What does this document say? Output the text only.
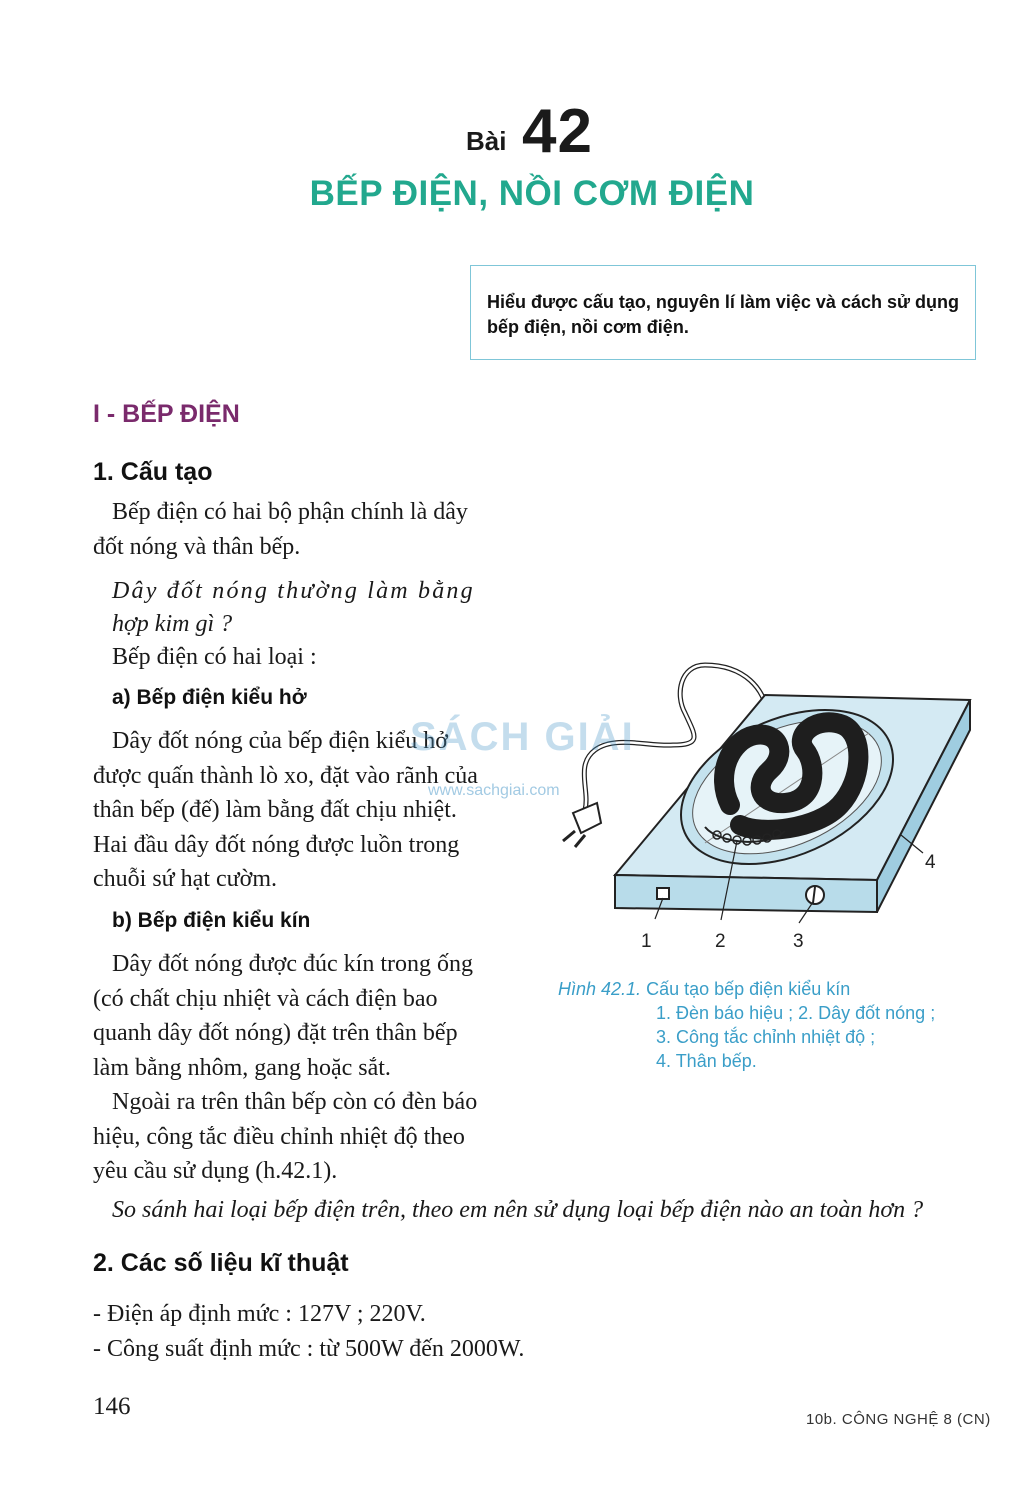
Bài 42
BẾP ĐIỆN, NỒI CƠM ĐIỆN
Hiểu được cấu tạo, nguyên lí làm việc và cách sử dụng bếp điện, nồi cơm điện.
I - BẾP ĐIỆN
1. Cấu tạo
Bếp điện có hai bộ phận chính là dây
đốt nóng và thân bếp.
Dây đốt nóng thường làm bằng
hợp kim gì ?
Bếp điện có hai loại :
a) Bếp điện kiểu hở
Dây đốt nóng của bếp điện kiểu hở
được quấn thành lò xo, đặt vào rãnh của
thân bếp (đế) làm bằng đất chịu nhiệt.
Hai đầu dây đốt nóng được luồn trong
chuỗi sứ hạt cườm.
b) Bếp điện kiểu kín
Dây đốt nóng được đúc kín trong ống
(có chất chịu nhiệt và cách điện bao
quanh dây đốt nóng) đặt trên thân bếp
làm bằng nhôm, gang hoặc sắt.
Ngoài ra trên thân bếp còn có đèn báo
hiệu, công tắc điều chỉnh nhiệt độ theo
yêu cầu sử dụng (h.42.1).
So sánh hai loại bếp điện trên, theo em nên sử dụng loại bếp điện nào an toàn hơn ?
2. Các số liệu kĩ thuật
- Điện áp định mức : 127V ; 220V.
- Công suất định mức : từ 500W đến 2000W.
1	2	3
4
Hình 42.1. Cấu tạo bếp điện kiểu kín
1. Đèn báo hiệu ; 2. Dây đốt nóng ;
3. Công tắc chỉnh nhiệt độ ;
4. Thân bếp.
SÁCH GIẢI
www.sachgiai.com
146	10b. CÔNG NGHỆ 8 (CN)
